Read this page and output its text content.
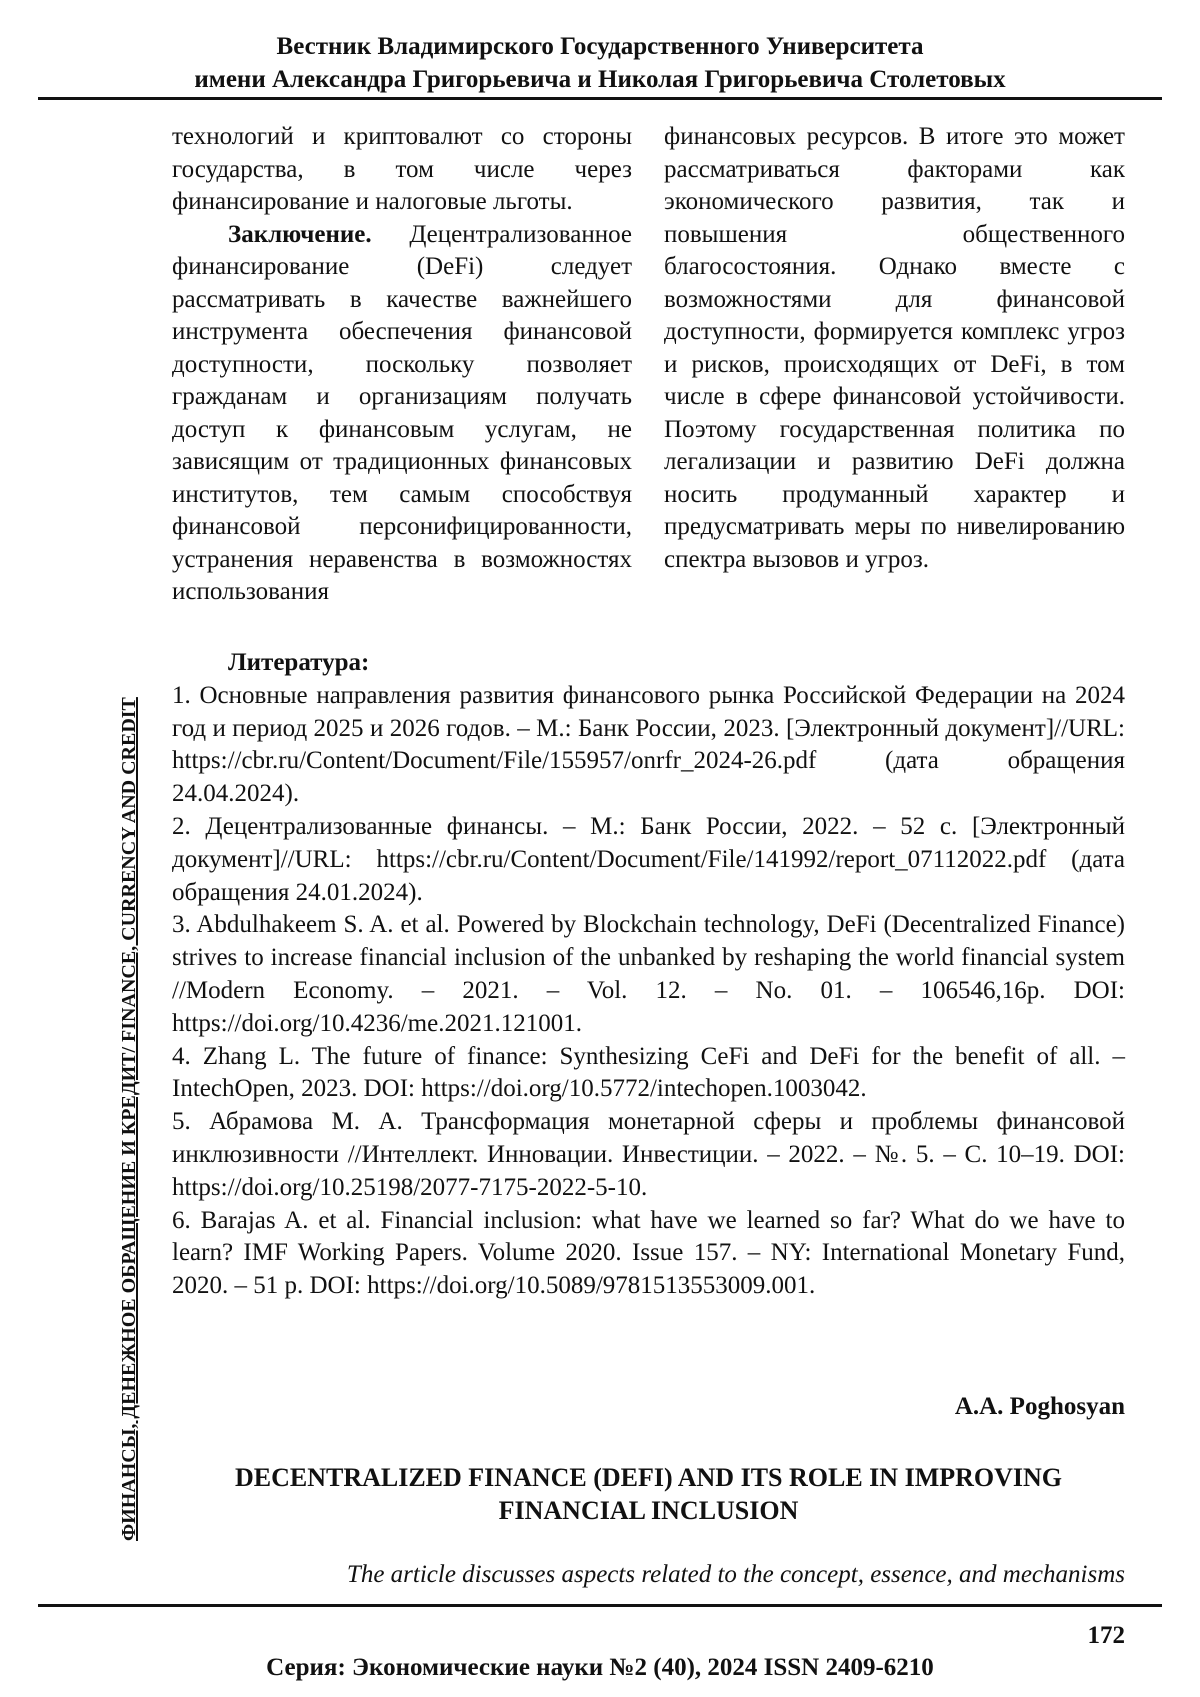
Вестник Владимирского Государственного Университета
имени Александра Григорьевича и Николая Григорьевича Столетовых
ФИНАНСЫ, ДЕНЕЖНОЕ ОБРАЩЕНИЕ И КРЕДИТ/ FINANCE, CURRENCY AND CREDIT

технологий и криптовалют со стороны государства, в том числе через финансирование и налоговые льготы.

Заключение. Децентрализованное финансирование (DeFi) следует рассматривать в качестве важнейшего инструмента обеспечения финансовой доступности, поскольку позволяет гражданам и организациям получать доступ к финансовым услугам, не зависящим от традиционных финансовых институтов, тем самым способствуя финансовой персонифицированности, устранения неравенства в возможностях использования

финансовых ресурсов. В итоге это может рассматриваться факторами как экономического развития, так и повышения общественного благосостояния. Однако вместе с возможностями для финансовой доступности, формируется комплекс угроз и рисков, происходящих от DeFi, в том числе в сфере финансовой устойчивости. Поэтому государственная политика по легализации и развитию DeFi должна носить продуманный характер и предусматривать меры по нивелированию спектра вызовов и угроз.

Литература:

1. Основные направления развития финансового рынка Российской Федерации на 2024 год и период 2025 и 2026 годов. – М.: Банк России, 2023. [Электронный документ]//URL: https://cbr.ru/Content/Document/File/155957/onrfr_2024-26.pdf (дата обращения 24.04.2024).

2. Децентрализованные финансы. – М.: Банк России, 2022. – 52 с. [Электронный документ]//URL: https://cbr.ru/Content/Document/File/141992/report_07112022.pdf (дата обращения 24.01.2024).

3. Abdulhakeem S. A. et al. Powered by Blockchain technology, DeFi (Decentralized Finance) strives to increase financial inclusion of the unbanked by reshaping the world financial system //Modern Economy. – 2021. – Vol. 12. – No. 01. – 106546,16p. DOI: https://doi.org/10.4236/me.2021.121001.

4. Zhang L. The future of finance: Synthesizing CeFi and DeFi for the benefit of all. – IntechOpen, 2023. DOI: https://doi.org/10.5772/intechopen.1003042.

5. Абрамова М. А. Трансформация монетарной сферы и проблемы финансовой инклюзивности //Интеллект. Инновации. Инвестиции. – 2022. – №. 5. – С. 10–19. DOI: https://doi.org/10.25198/2077-7175-2022-5-10.

6. Barajas A. et al. Financial inclusion: what have we learned so far? What do we have to learn? IMF Working Papers. Volume 2020. Issue 157. – NY: International Monetary Fund, 2020. – 51 p. DOI: https://doi.org/10.5089/9781513553009.001.

A.A. Poghosyan
DECENTRALIZED FINANCE (DEFI) AND ITS ROLE IN IMPROVING
FINANCIAL INCLUSION
The article discusses aspects related to the concept, essence, and mechanisms
172
Серия: Экономические науки №2 (40), 2024 ISSN 2409-6210
